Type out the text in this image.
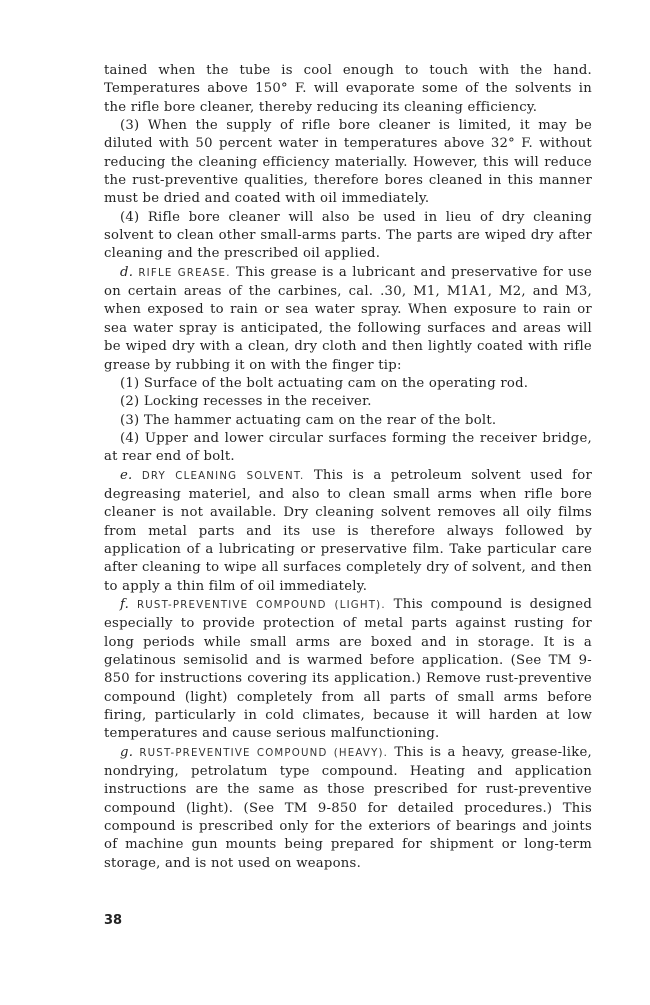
tained when the tube is cool enough to touch with the hand. Temperatures above 150° F. will evaporate some of the solvents in the rifle bore cleaner, thereby reducing its cleaning efficiency.

(3) When the supply of rifle bore cleaner is limited, it may be diluted with 50 percent water in temperatures above 32° F. without reducing the cleaning efficiency materially. However, this will reduce the rust-preventive qualities, therefore bores cleaned in this manner must be dried and coated with oil immediately.

(4) Rifle bore cleaner will also be used in lieu of dry cleaning solvent to clean other small-arms parts. The parts are wiped dry after cleaning and the prescribed oil applied.

d. RIFLE GREASE. This grease is a lubricant and preservative for use on certain areas of the carbines, cal. .30, M1, M1A1, M2, and M3, when exposed to rain or sea water spray. When exposure to rain or sea water spray is anticipated, the following surfaces and areas will be wiped dry with a clean, dry cloth and then lightly coated with rifle grease by rubbing it on with the finger tip:

(1) Surface of the bolt actuating cam on the operating rod.

(2) Locking recesses in the receiver.

(3) The hammer actuating cam on the rear of the bolt.

(4) Upper and lower circular surfaces forming the receiver bridge, at rear end of bolt.

e. DRY CLEANING SOLVENT. This is a petroleum solvent used for degreasing materiel, and also to clean small arms when rifle bore cleaner is not available. Dry cleaning solvent removes all oily films from metal parts and its use is therefore always followed by application of a lubricating or preservative film. Take particular care after cleaning to wipe all surfaces completely dry of solvent, and then to apply a thin film of oil immediately.

f. RUST-PREVENTIVE COMPOUND (LIGHT). This compound is designed especially to provide protection of metal parts against rusting for long periods while small arms are boxed and in storage. It is a gelatinous semisolid and is warmed before application. (See TM 9-850 for instructions covering its application.) Remove rust-preventive compound (light) completely from all parts of small arms before firing, particularly in cold climates, because it will harden at low temperatures and cause serious malfunctioning.

g. RUST-PREVENTIVE COMPOUND (HEAVY). This is a heavy, grease-like, nondrying, petrolatum type compound. Heating and application instructions are the same as those prescribed for rust-preventive compound (light). (See TM 9-850 for detailed procedures.) This compound is prescribed only for the exteriors of bearings and joints of machine gun mounts being prepared for shipment or long-term storage, and is not used on weapons.

38
